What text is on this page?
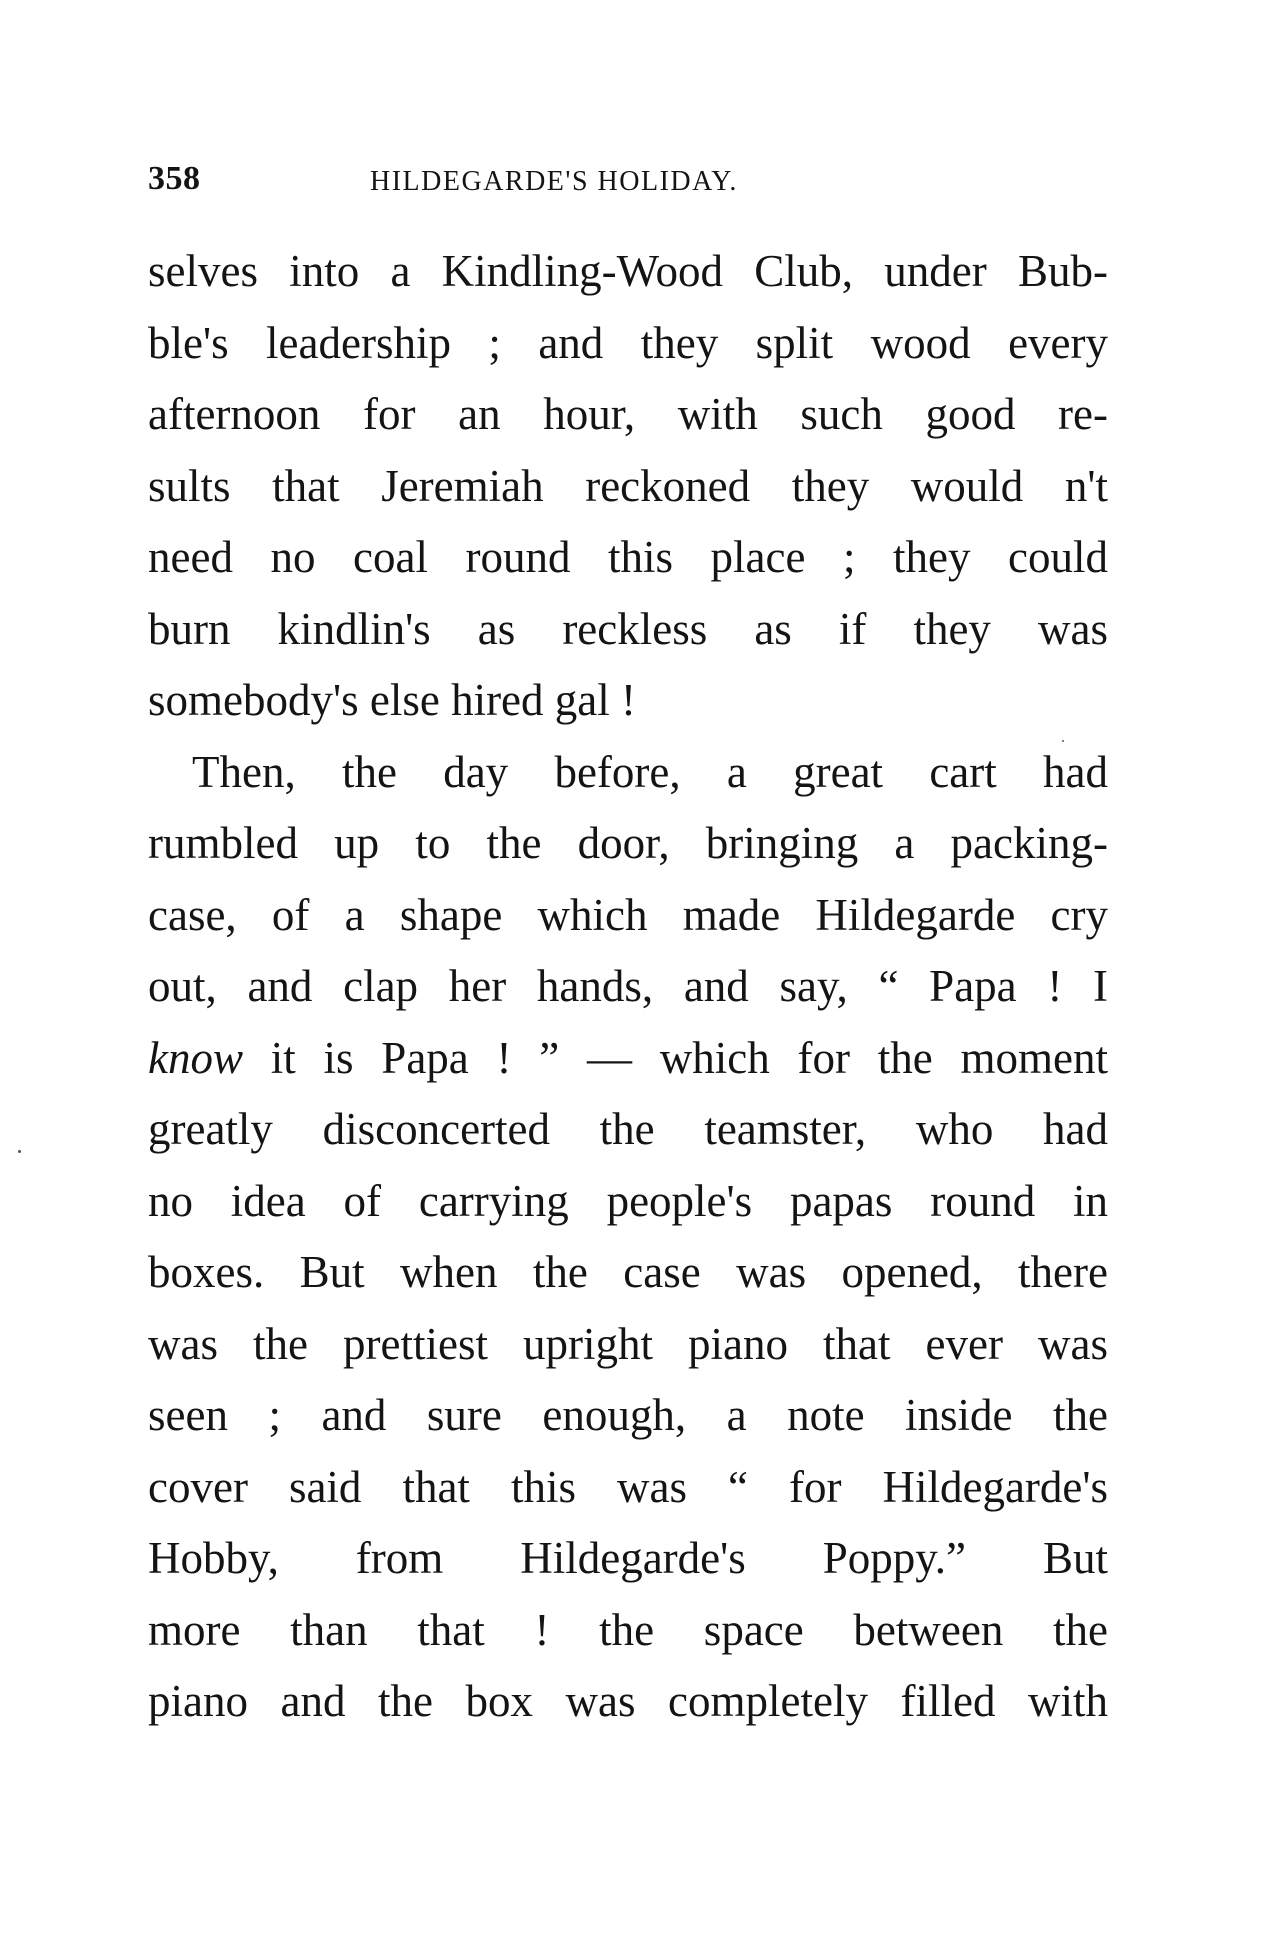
358	HILDEGARDE'S HOLIDAY.
selves into a Kindling-Wood Club, under Bub-
ble's leadership ; and they split wood every
afternoon for an hour, with such good re-
sults that Jeremiah reckoned they would n't
need no coal round this place ; they could
burn kindlin's as reckless as if they was
somebody's else hired gal !
Then, the day before, a great cart had
rumbled up to the door, bringing a packing-
case, of a shape which made Hildegarde cry
out, and clap her hands, and say, “ Papa ! I
know it is Papa ! ” — which for the moment
greatly disconcerted the teamster, who had
no idea of carrying people's papas round in
boxes. But when the case was opened, there
was the prettiest upright piano that ever was
seen ; and sure enough, a note inside the
cover said that this was “ for Hildegarde's
Hobby, from Hildegarde's Poppy.” But
more than that ! the space between the
piano and the box was completely filled with
